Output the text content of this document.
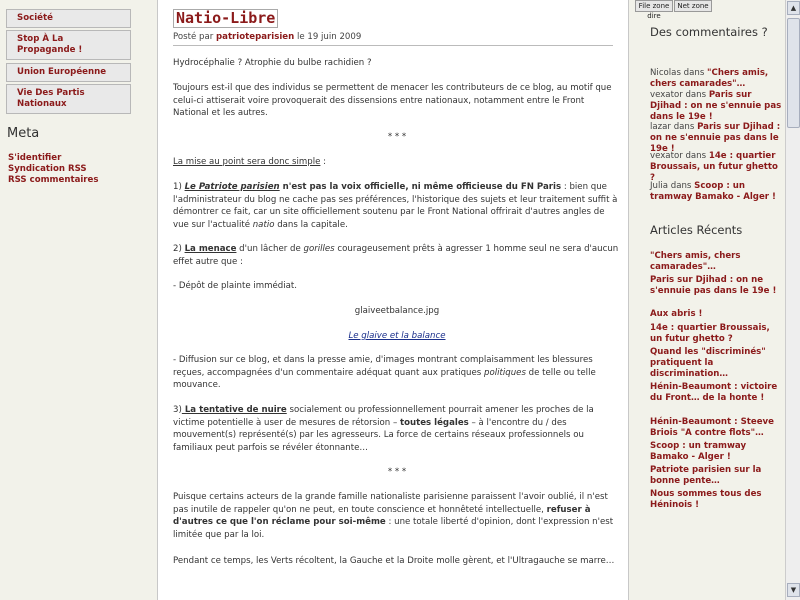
Société
Stop À La Propagande !
Union Européenne
Vie Des Partis Nationaux
Meta
S'identifier
Syndication RSS
RSS commentaires
Natio-Libre
Posté par patrioteparisien le 19 juin 2009
Hydrocéphalie ? Atrophie du bulbe rachidien ?
Toujours est-il que des individus se permettent de menacer les contributeurs de ce blog, au motif que celui-ci attiserait voire provoquerait des dissensions entre nationaux, notamment entre le Front National et les autres.
* * *
La mise au point sera donc simple :
1) Le Patriote parisien n'est pas la voix officielle, ni même officieuse du FN Paris : bien que l'administrateur du blog ne cache pas ses préférences, l'historique des sujets et leur traitement suffit à démontrer ce fait, car un site officiellement soutenu par le Front National offrirait d'autres angles de vue sur l'actualité natio dans la capitale.
2) La menace d'un lâcher de gorilles courageusement prêts à agresser 1 homme seul ne sera d'aucun effet autre que :
- Dépôt de plainte immédiat.
glaiveetbalance.jpg
Le glaive et la balance
- Diffusion sur ce blog, et dans la presse amie, d'images montrant complaisamment les blessures reçues, accompagnées d'un commentaire adéquat quant aux pratiques politiques de telle ou telle mouvance.
3) La tentative de nuire socialement ou professionnellement pourrait amener les proches de la victime potentielle à user de mesures de rétorsion – toutes légales – à l'encontre du / des mouvement(s) représenté(s) par les agresseurs. La force de certains réseaux professionnels ou familiaux peut parfois se révéler étonnante…
* * *
Puisque certains acteurs de la grande famille nationaliste parisienne paraissent l'avoir oublié, il n'est pas inutile de rappeler qu'on ne peut, en toute conscience et honnêteté intellectuelle, refuser à d'autres ce que l'on réclame pour soi-même : une totale liberté d'opinion, dont l'expression n'est limitée que par la loi.
Pendant ce temps, les Verts récoltent, la Gauche et la Droite molle gèrent, et l'Ultragauche se marre…
File zone dire
Net zone
Des commentaires ?
Nicolas dans "Chers amis, chers camarades"…
vexator dans Paris sur Djihad : on ne s'ennuie pas dans le 19e !
lazar dans Paris sur Djihad : on ne s'ennuie pas dans le 19e !
vexator dans 14e : quartier Broussais, un futur ghetto ?
Julia dans Scoop : un tramway Bamako - Alger !
Articles Récents
"Chers amis, chers camarades"…
Paris sur Djihad : on ne s'ennuie pas dans le 19e !
Aux abris !
14e : quartier Broussais, un futur ghetto ?
Quand les "discriminés" pratiquent la discrimination…
Hénin-Beaumont : victoire du Front… de la honte !
Hénin-Beaumont : Steeve Briois "A contre flots"…
Scoop : un tramway Bamako - Alger !
Patriote parisien sur la bonne pente…
Nous sommes tous des Héninois !
▲
▼
